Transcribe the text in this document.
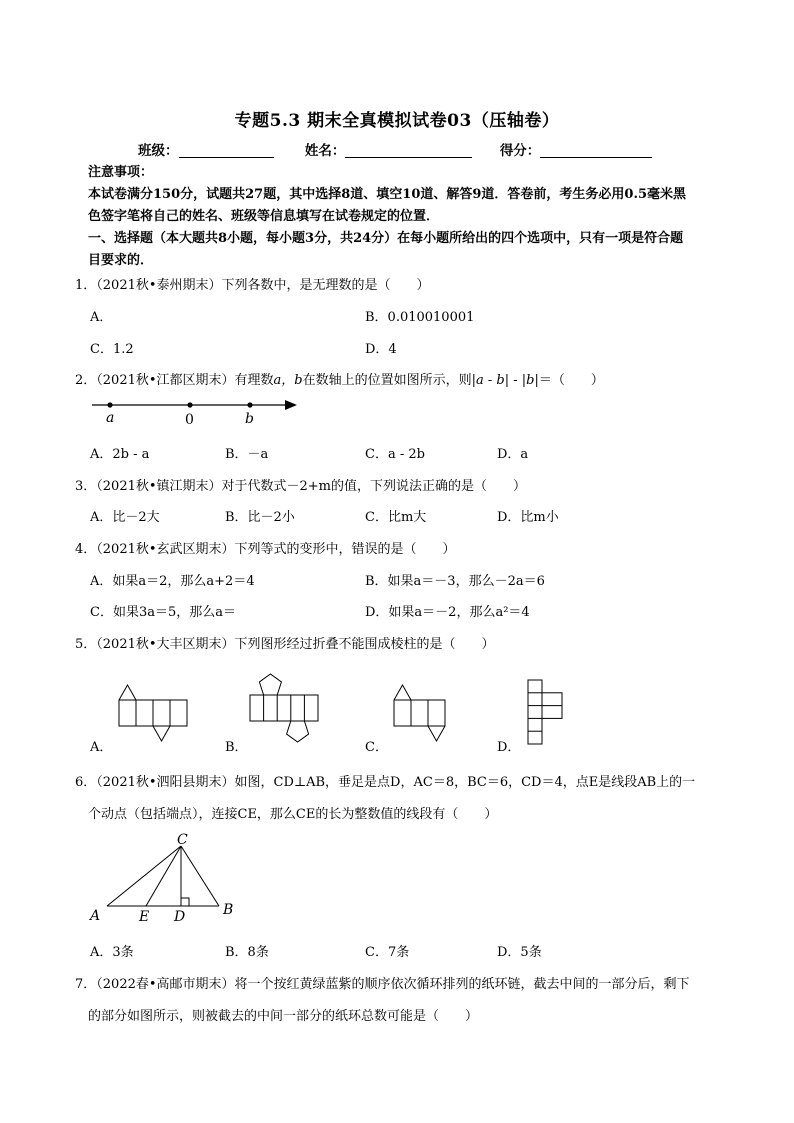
专题5.3 期末全真模拟试卷03（压轴卷）
班级：	姓名：	得分：
注意事项：
本试卷满分150分，试题共27题，其中选择8道、填空10道、解答9道．答卷前，考生务必用0.5毫米黑
色签字笔将自己的姓名、班级等信息填写在试卷规定的位置．
一、选择题（本大题共8小题，每小题3分，共24分）在每小题所给出的四个选项中，只有一项是符合题
目要求的．
1．（2021秋•泰州期末）下列各数中，是无理数的是（　　）
A．	B．0.010010001
C．1.2	D．4
2．（2021秋•江都区期末）有理数a，b在数轴上的位置如图所示，则|a - b| - |b|＝（　　）
a	0	b
A．2b - a	B．－a	C．a - 2b	D．a
3．（2021秋•镇江期末）对于代数式－2+m的值，下列说法正确的是（　　）
A．比－2大	B．比－2小	C．比m大	D．比m小
4．（2021秋•玄武区期末）下列等式的变形中，错误的是（　　）
A．如果a＝2，那么a+2＝4	B．如果a＝－3，那么－2a＝6
C．如果3a＝5，那么a＝	D．如果a＝－2，那么a²＝4
5．（2021秋•大丰区期末）下列图形经过折叠不能围成棱柱的是（　　）
A．	B．	C．	D．
6．（2021秋•泗阳县期末）如图，CD⊥AB，垂足是点D，AC＝8，BC＝6，CD＝4，点E是线段AB上的一
个动点（包括端点），连接CE，那么CE的长为整数值的线段有（　　）
C
A	E D	B
A．3条	B．8条	C．7条	D．5条
7．（2022春•高邮市期末）将一个按红黄绿蓝紫的顺序依次循环排列的纸环链，截去中间的一部分后，剩下
的部分如图所示，则被截去的中间一部分的纸环总数可能是（　　）
